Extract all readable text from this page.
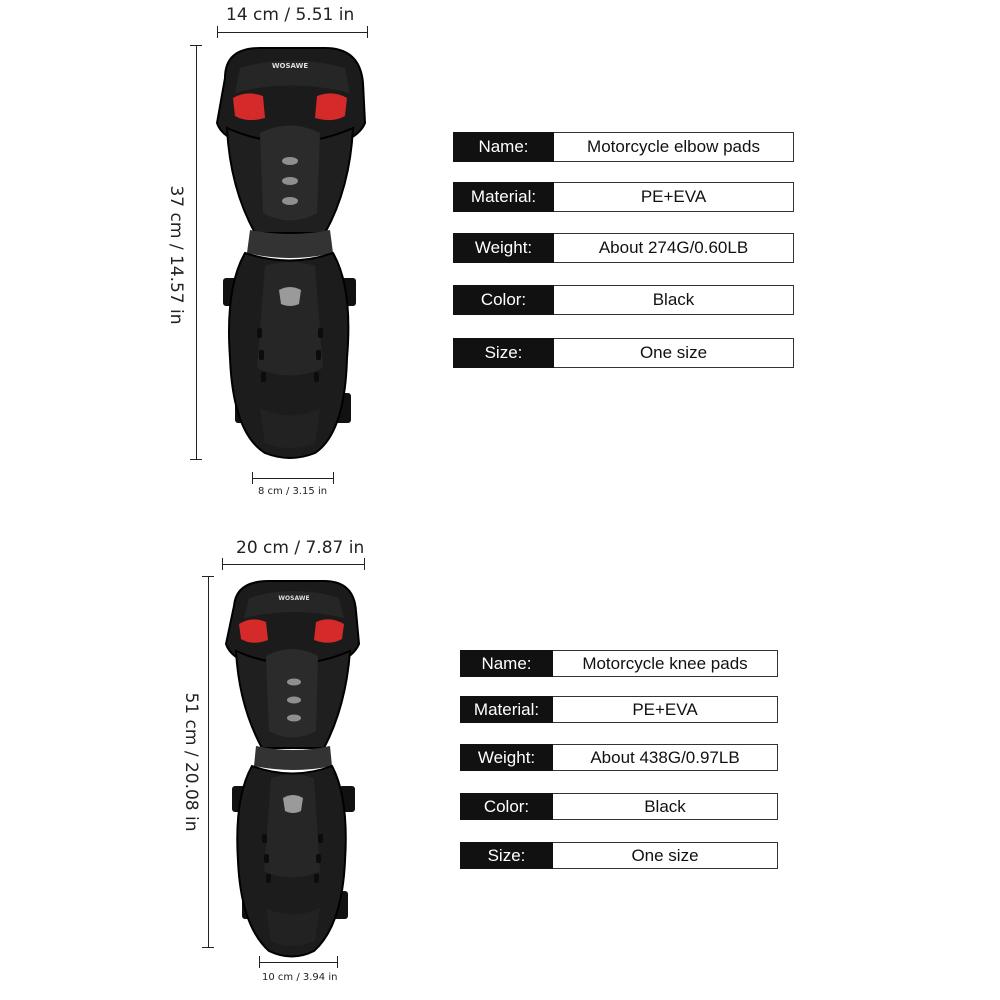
14 cm / 5.51 in
37 cm / 14.57 in
8 cm / 3.15 in
WOSAWE
Name:	Motorcycle elbow pads
Material:	PE+EVA
Weight:	About 274G/0.60LB
Color:	Black
Size:	One size
20 cm / 7.87 in
51 cm / 20.08 in
10 cm / 3.94 in
WOSAWE
Name:	Motorcycle knee pads
Material:	PE+EVA
Weight:	About 438G/0.97LB
Color:	Black
Size:	One size
